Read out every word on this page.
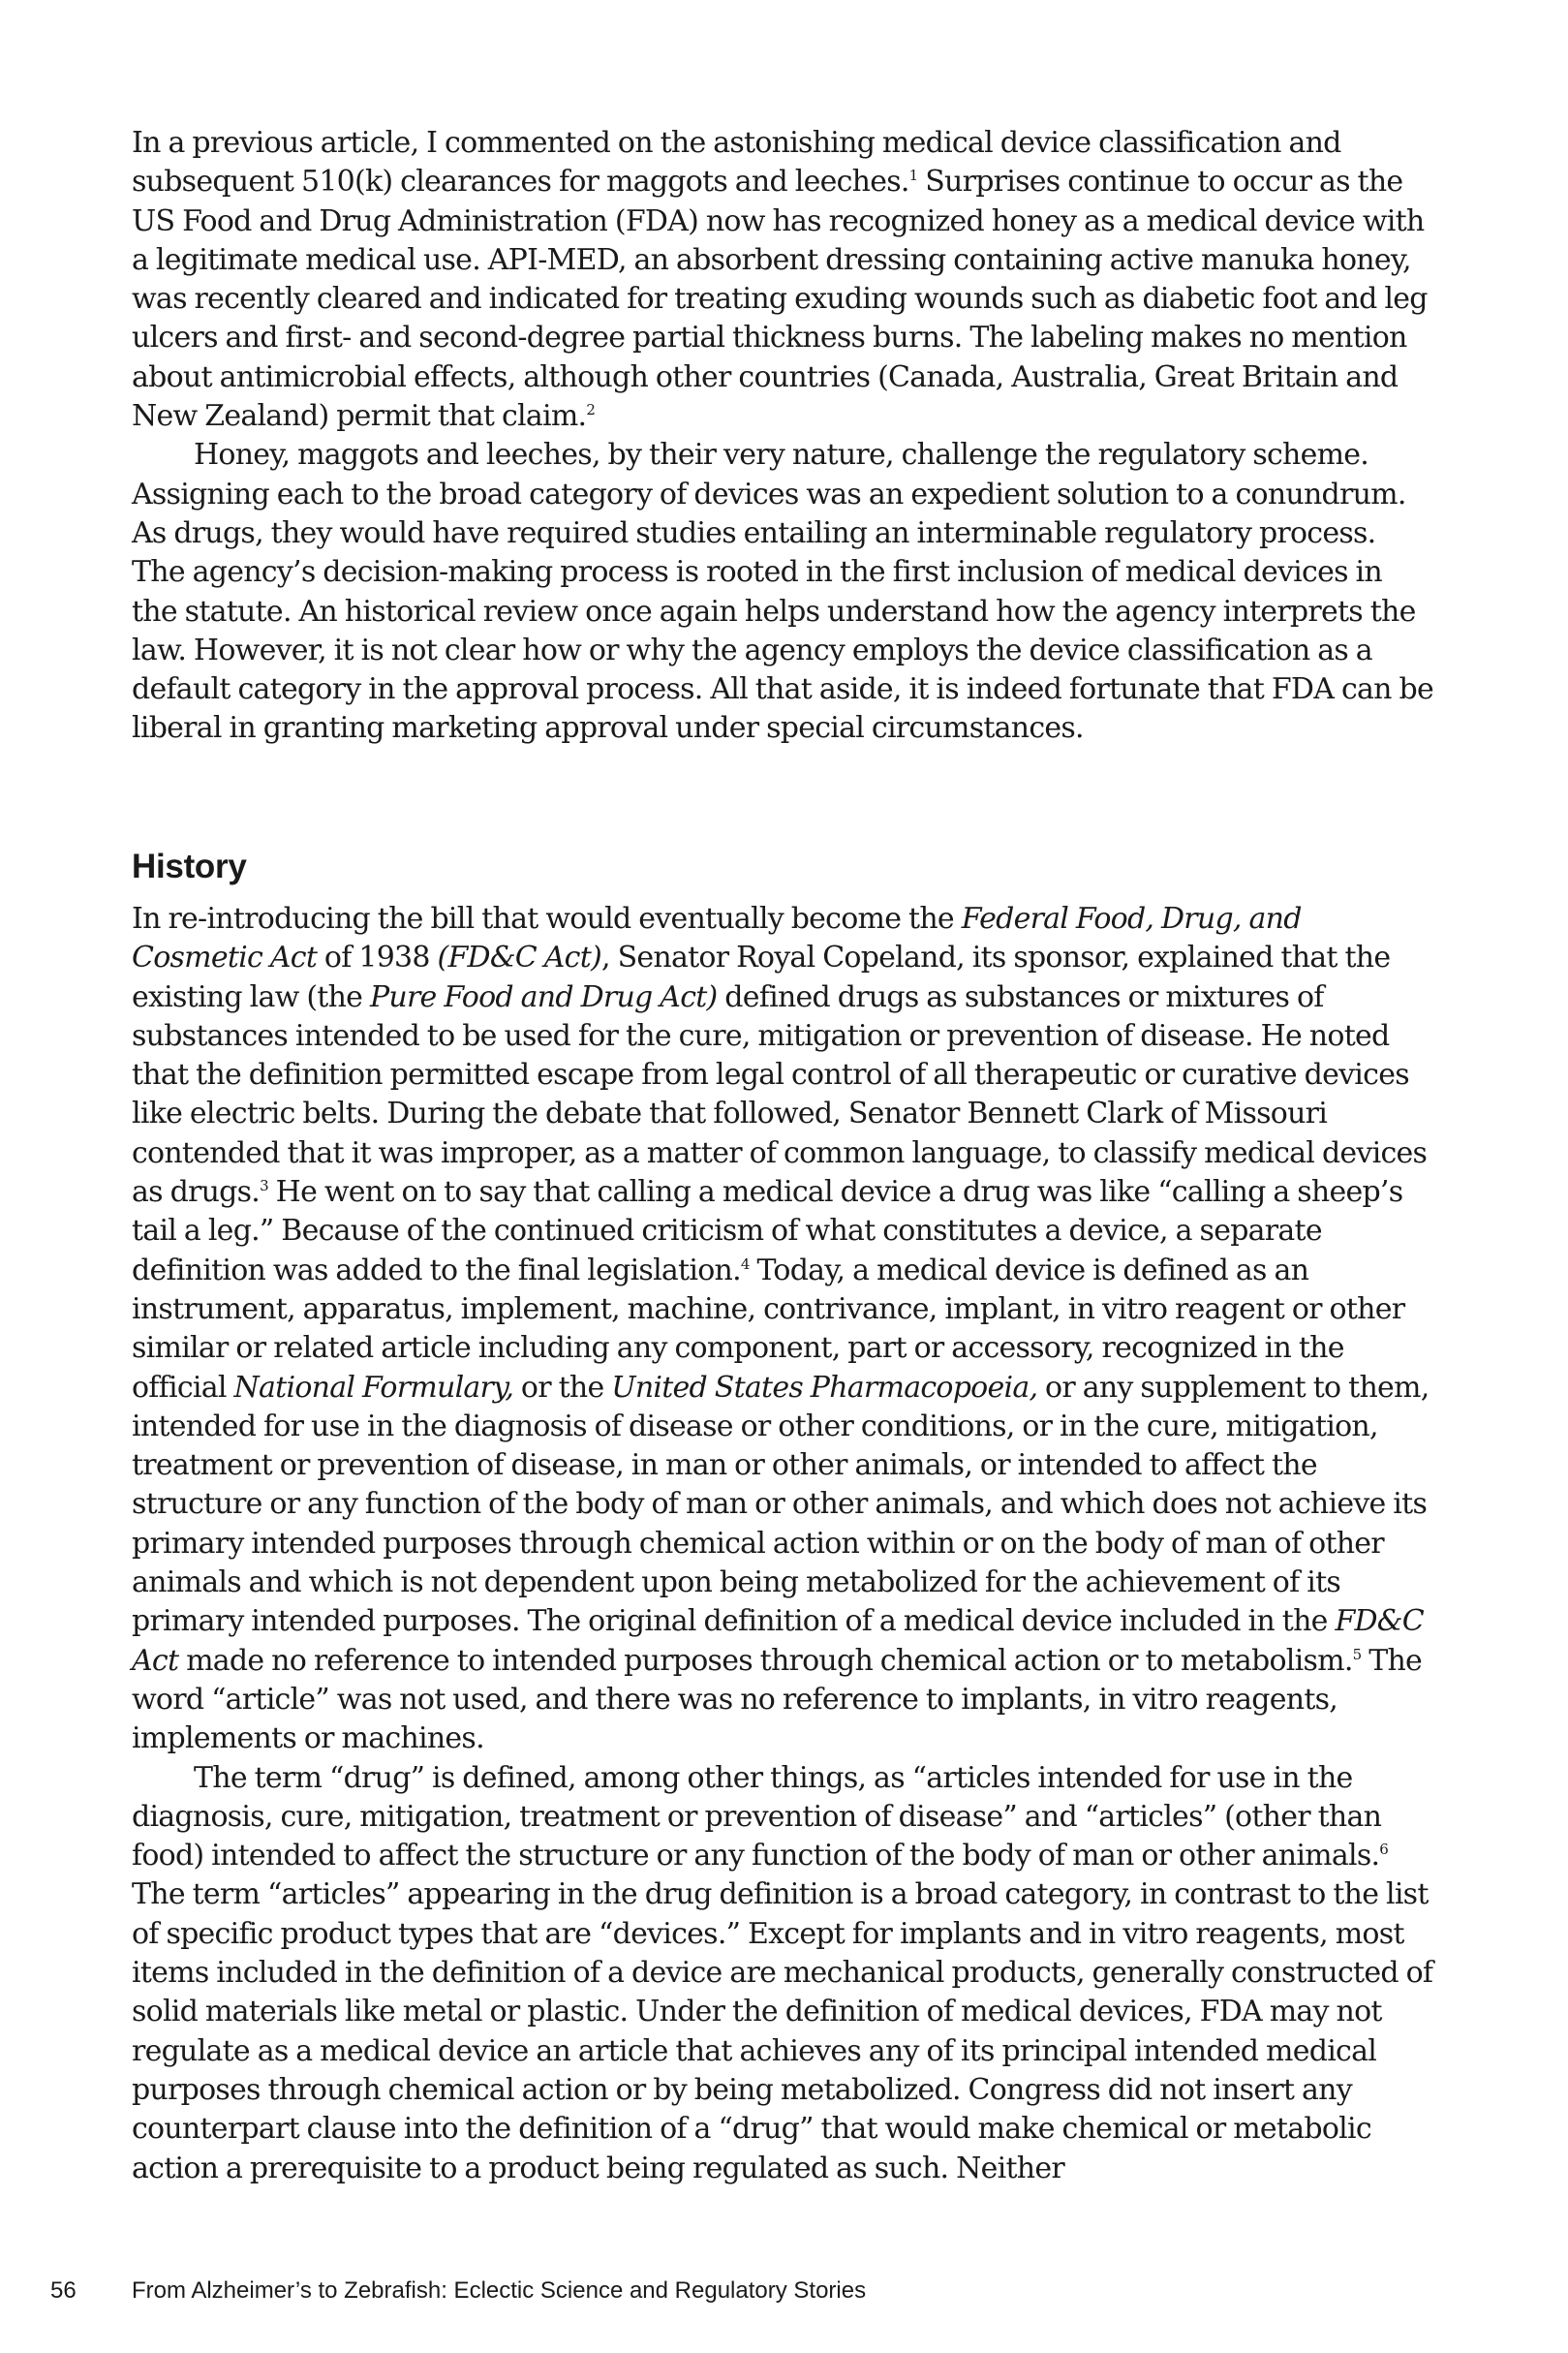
In a previous article, I commented on the astonishing medical device classification and subsequent 510(k) clearances for maggots and leeches.$^1$ Surprises continue to occur as the US Food and Drug Administration (FDA) now has recognized honey as a medical device with a legitimate medical use. API-MED, an absorbent dressing containing active manuka honey, was recently cleared and indicated for treating exuding wounds such as diabetic foot and leg ulcers and first- and second-degree partial thickness burns. The labeling makes no mention about antimicrobial effects, although other countries (Canada, Australia, Great Britain and New Zealand) permit that claim.$^2$

Honey, maggots and leeches, by their very nature, challenge the regulatory scheme. Assigning each to the broad category of devices was an expedient solution to a conundrum. As drugs, they would have required studies entailing an interminable regulatory process. The agency’s decision-making process is rooted in the first inclusion of medical devices in the statute. An historical review once again helps understand how the agency interprets the law. However, it is not clear how or why the agency employs the device classification as a default category in the approval process. All that aside, it is indeed fortunate that FDA can be liberal in granting marketing approval under special circumstances.

History

In re-introducing the bill that would eventually become the Federal Food, Drug, and Cosmetic Act of 1938 (FD&C Act), Senator Royal Copeland, its sponsor, explained that the existing law (the Pure Food and Drug Act) defined drugs as substances or mixtures of substances intended to be used for the cure, mitigation or prevention of disease. He noted that the definition permitted escape from legal control of all therapeutic or curative devices like electric belts. During the debate that followed, Senator Bennett Clark of Missouri contended that it was improper, as a matter of common language, to classify medical devices as drugs.$^3$ He went on to say that calling a medical device a drug was like “calling a sheep’s tail a leg.” Because of the continued criticism of what constitutes a device, a separate definition was added to the final legislation.$^4$ Today, a medical device is defined as an instrument, apparatus, implement, machine, contrivance, implant, in vitro reagent or other similar or related article including any component, part or accessory, recognized in the official National Formulary, or the United States Pharmacopoeia, or any supplement to them, intended for use in the diagnosis of disease or other conditions, or in the cure, mitigation, treatment or prevention of disease, in man or other animals, or intended to affect the structure or any function of the body of man or other animals, and which does not achieve its primary intended purposes through chemical action within or on the body of man of other animals and which is not dependent upon being metabolized for the achievement of its primary intended purposes. The original definition of a medical device included in the FD&C Act made no reference to intended purposes through chemical action or to metabolism.$^5$ The word “article” was not used, and there was no reference to implants, in vitro reagents, implements or machines.

The term “drug” is defined, among other things, as “articles intended for use in the diagnosis, cure, mitigation, treatment or prevention of disease” and “articles” (other than food) intended to affect the structure or any function of the body of man or other animals.$^6$ The term “articles” appearing in the drug definition is a broad category, in contrast to the list of specific product types that are “devices.” Except for implants and in vitro reagents, most items included in the definition of a device are mechanical products, generally constructed of solid materials like metal or plastic. Under the definition of medical devices, FDA may not regulate as a medical device an article that achieves any of its principal intended medical purposes through chemical action or by being metabolized. Congress did not insert any counterpart clause into the definition of a “drug” that would make chemical or metabolic action a prerequisite to a product being regulated as such. Neither

56 From Alzheimer’s to Zebrafish: Eclectic Science and Regulatory Stories
